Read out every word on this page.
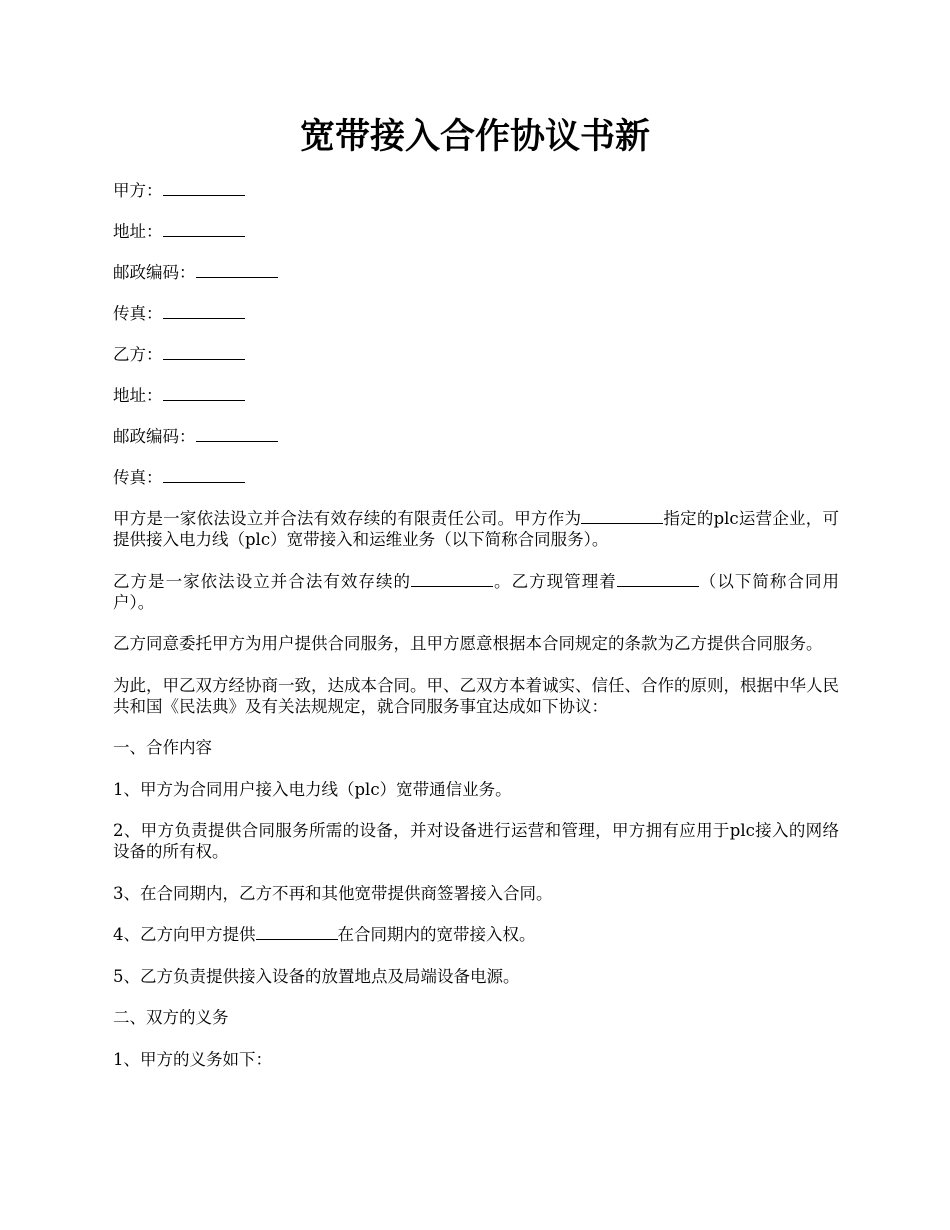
宽带接入合作协议书新

甲方：

地址：

邮政编码：

传真：

乙方：

地址：

邮政编码：

传真：

甲方是一家依法设立并合法有效存续的有限责任公司。甲方作为	指定的plc运营企业，可提供接入电力线（plc）宽带接入和运维业务（以下简称合同服务）。

乙方是一家依法设立并合法有效存续的	。乙方现管理着	（以下简称合同用户）。

乙方同意委托甲方为用户提供合同服务，且甲方愿意根据本合同规定的条款为乙方提供合同服务。

为此，甲乙双方经协商一致，达成本合同。甲、乙双方本着诚实、信任、合作的原则，根据中华人民共和国《民法典》及有关法规规定，就合同服务事宜达成如下协议：

一、合作内容

1、甲方为合同用户接入电力线（plc）宽带通信业务。

2、甲方负责提供合同服务所需的设备，并对设备进行运营和管理，甲方拥有应用于plc接入的网络设备的所有权。

3、在合同期内，乙方不再和其他宽带提供商签署接入合同。

4、乙方向甲方提供	在合同期内的宽带接入权。

5、乙方负责提供接入设备的放置地点及局端设备电源。

二、双方的义务

1、甲方的义务如下：
